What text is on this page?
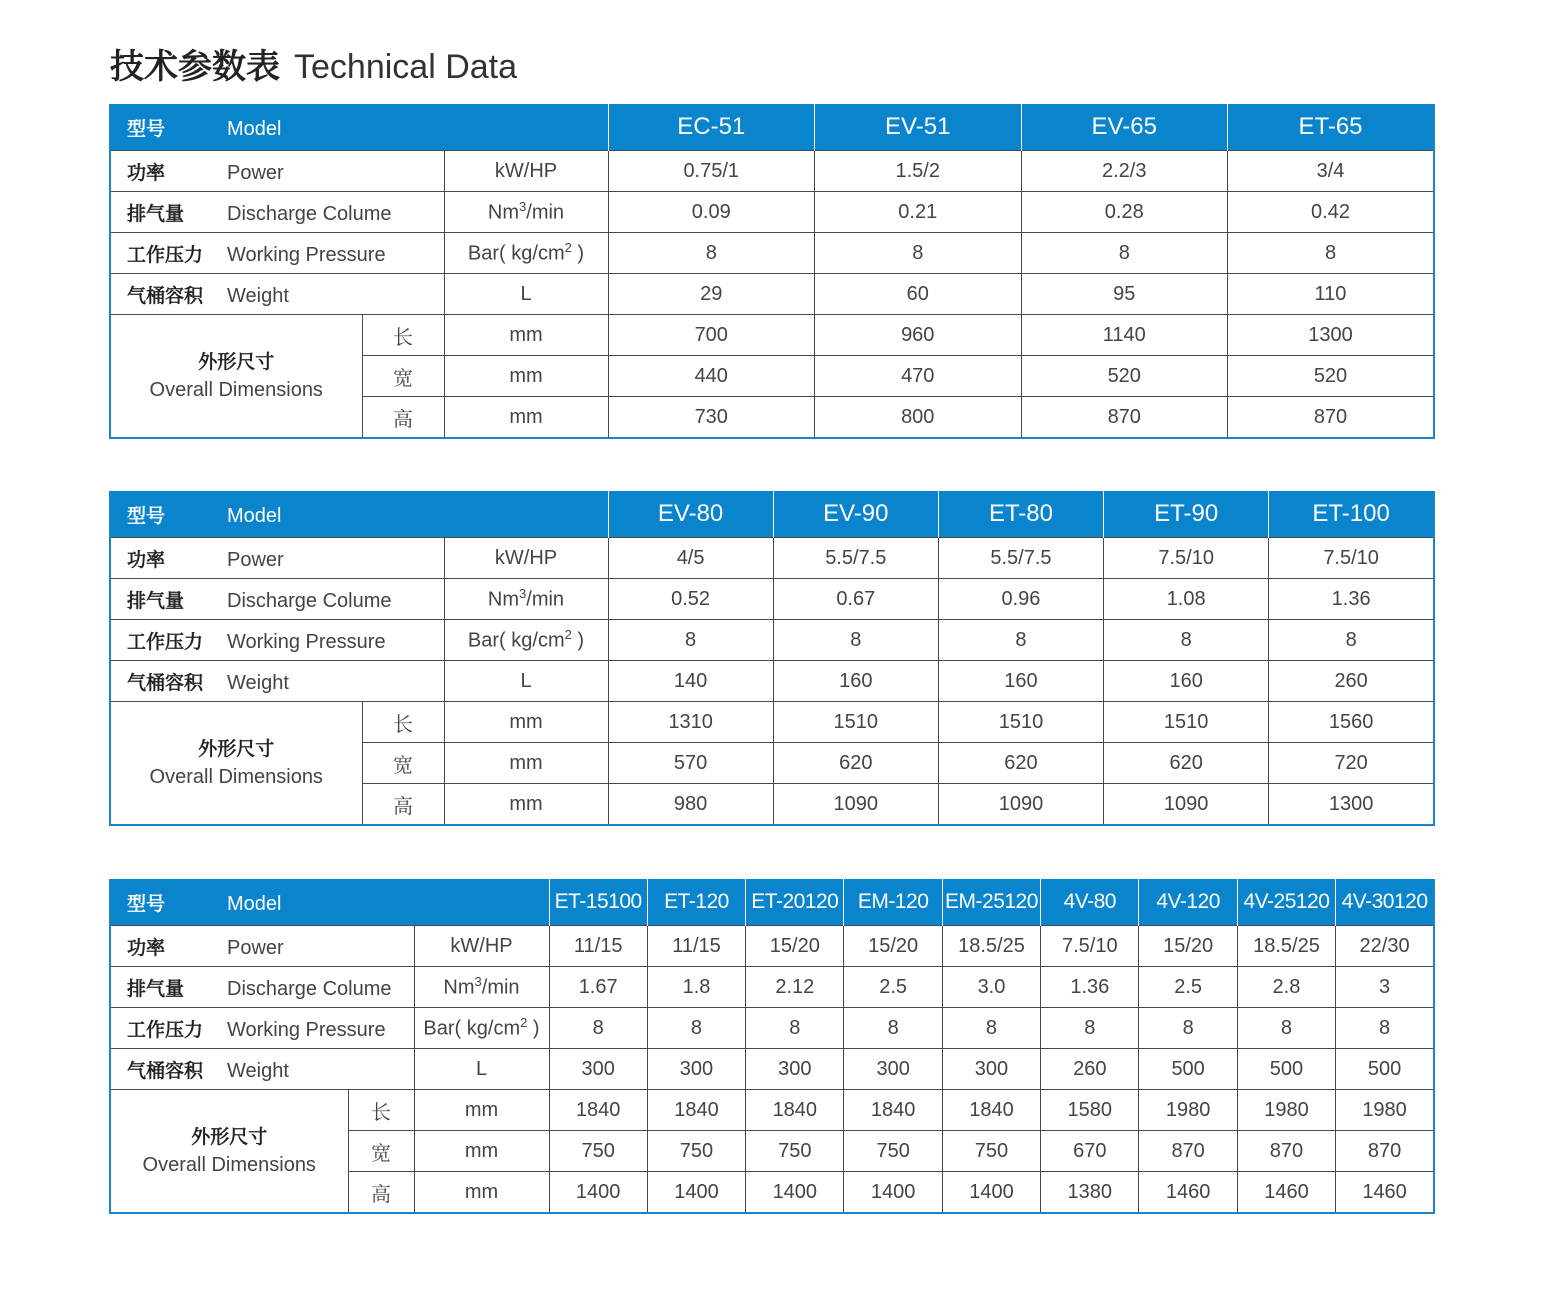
技术参数表 Technical Data
型号 Model			EC-51	EV-51	EV-65	ET-65
功率 Power		kW/HP	0.75/1	1.5/2	2.2/3	3/4
排气量 Discharge Colume		Nm$^3$/min	0.09	0.21	0.28	0.42
工作压力 Working Pressure		Bar( $kg/cm^2$ )	8	8	8	8
气桶容积 Weight		L	29	60	95	110

外形尺寸
Overall Dimensions	长	mm	700	960	1140	1300
	宽	mm	440	470	520	520
	高	mm	730	800	870	870
型号 Model			EV-80	EV-90	ET-80	ET-90	ET-100
功率 Power		kW/HP	4/5	5.5/7.5	5.5/7.5	7.5/10	7.5/10
排气量 Discharge Colume		Nm$^3$/min	0.52	0.67	0.96	1.08	1.36
工作压力 Working Pressure		Bar( $kg/cm^2$ )	8	8	8	8	8
气桶容积 Weight		L	140	160	160	160	260

外形尺寸
Overall Dimensions	长	mm	1310	1510	1510	1510	1560
	宽	mm	570	620	620	620	720
	高	mm	980	1090	1090	1090	1300
型号 Model			ET-15100	ET-120	ET-20120	EM-120	EM-25120	4V-80	4V-120	4V-25120	4V-30120
功率 Power		kW/HP	11/15	11/15	15/20	15/20	18.5/25	7.5/10	15/20	18.5/25	22/30
排气量 Discharge Colume		Nm$^3$/min	1.67	1.8	2.12	2.5	3.0	1.36	2.5	2.8	3
工作压力 Working Pressure		Bar( $kg/cm^2$ )	8	8	8	8	8	8	8	8	8
气桶容积 Weight		L	300	300	300	300	300	260	500	500	500

外形尺寸
Overall Dimensions	长	mm	1840	1840	1840	1840	1840	1580	1980	1980	1980
	宽	mm	750	750	750	750	750	670	870	870	870
	高	mm	1400	1400	1400	1400	1400	1380	1460	1460	1460
